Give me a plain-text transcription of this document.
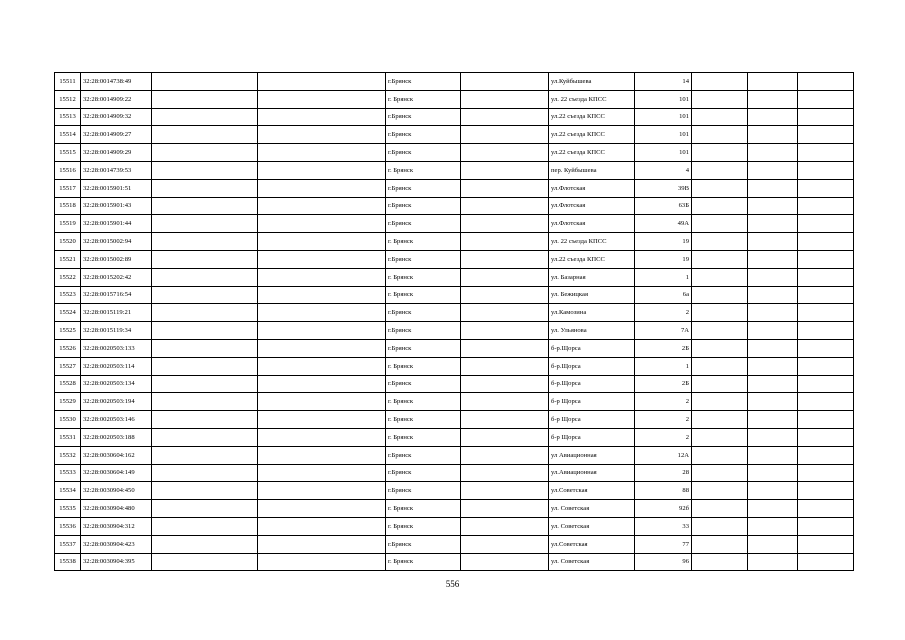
15511	32:28:0014738:49			г.Брянск		ул.Куйбышева	14			
15512	32:28:0014909:22			г. Брянск		ул. 22 съезда КПСС	101			
15513	32:28:0014909:32			г.Брянск		ул.22 съезда КПСС	101			
15514	32:28:0014909:27			г.Брянск		ул.22 съезда КПСС	101			
15515	32:28:0014909:29			г.Брянск		ул.22 съезда КПСС	101			
15516	32:28:0014739:53			г. Брянск		пер. Куйбышева	4			
15517	32:28:0015901:51			г.Брянск		ул.Флотская	39В			
15518	32:28:0015901:43			г.Брянск		ул.Флотская	63Б			
15519	32:28:0015901:44			г.Брянск		ул.Флотская	49А			
15520	32:28:0015002:94			г. Брянск		ул. 22 съезда КПСС	19			
15521	32:28:0015002:89			г.Брянск		ул.22 съезда КПСС	19			
15522	32:28:0015202:42			г. Брянск		ул. Базарная	1			
15523	32:28:0015716:54			г. Брянск		ул. Бежицкая	6а			
15524	32:28:0015119:21			г.Брянск		ул.Камозина	2			
15525	32:28:0015119:34			г.Брянск		ул. Ульянова	7А			
15526	32:28:0020503:133			г.Брянск		б-р.Щорса	2Б			
15527	32:28:0020503:114			г. Брянск		б-р.Щорса	1			
15528	32:28:0020503:134			г.Брянск		б-р.Щорса	2Б			
15529	32:28:0020503:194			г. Брянск		б-р Щорса	2			
15530	32:28:0020503:146			г. Брянск		б-р Щорса	2			
15531	32:28:0020503:188			г. Брянск		б-р Щорса	2			
15532	32:28:0030604:162			г.Брянск		ул Авиационная	12А			
15533	32:28:0030604:149			г.Брянск		ул.Авиационная	28			
15534	32:28:0030904:450			г.Брянск		ул.Советская	88			
15535	32:28:0030904:480			г. Брянск		ул. Советская	92б			
15536	32:28:0030904:312			г. Брянск		ул. Советская	33			
15537	32:28:0030904:423			г.Брянск		ул.Советская	77			
15538	32:28:0030904:395			г. Брянск		ул. Советская	96			
556
